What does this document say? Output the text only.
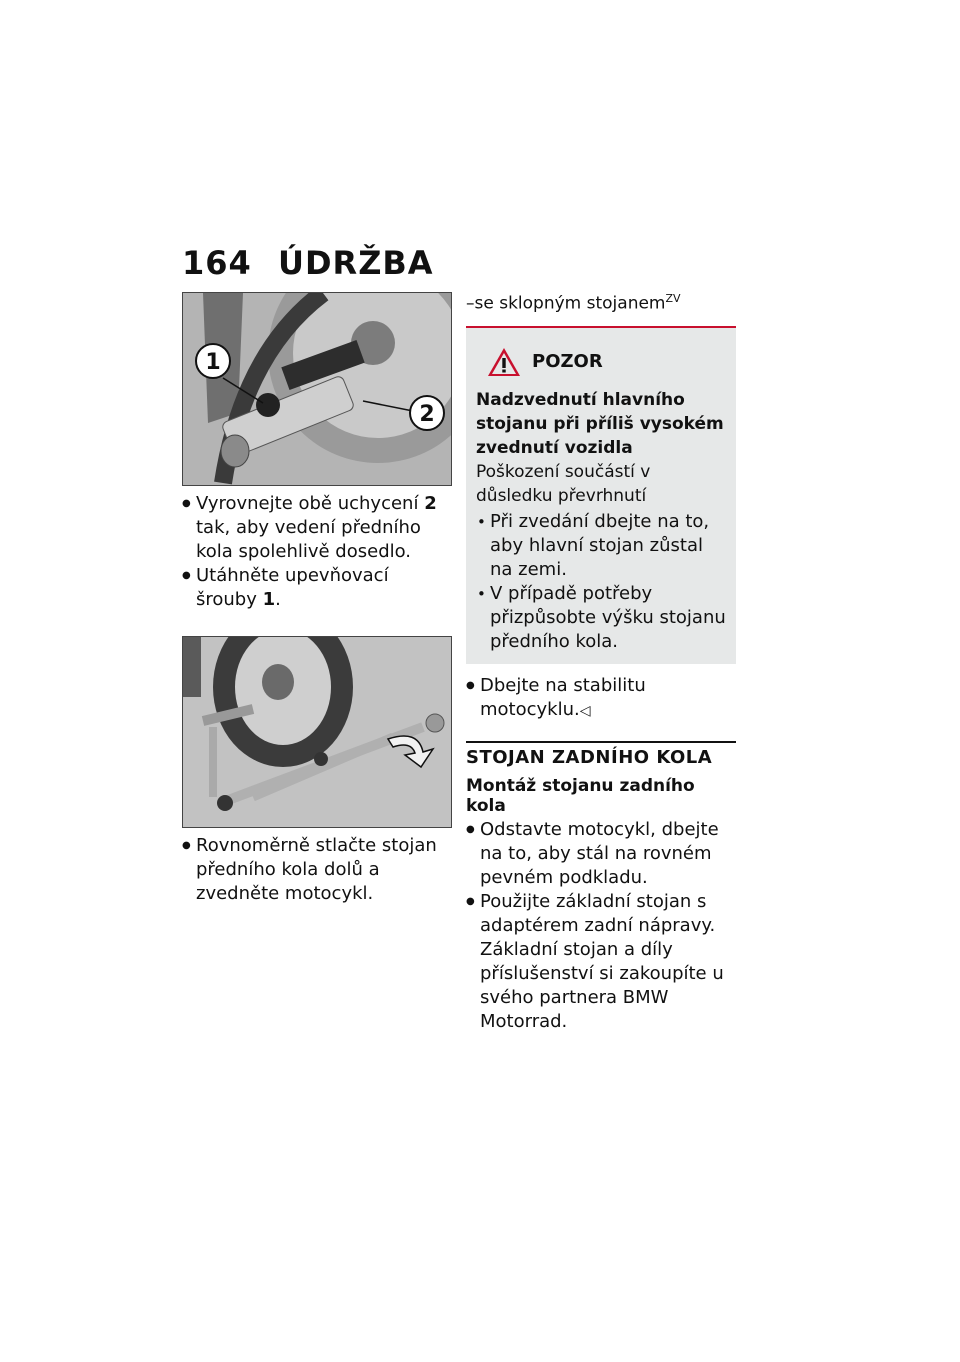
164 ÚDRŽBA
1
2
● Vyrovnejte obě uchycení 2 tak, aby vedení předního kola spolehlivě dosedlo.
● Utáhněte upevňovací šrouby 1.
● Rovnoměrně stlačte stojan předního kola dolů a zvedněte motocykl.
–se sklopným stojanem$^{ZV}$
POZOR
Nadzvednutí hlavního stojanu při příliš vysokém zvednutí vozidla
Poškození součástí v důsledku převrhnutí
• Při zvedání dbejte na to, aby hlavní stojan zůstal na zemi.
• V případě potřeby přizpůsobte výšku stojanu předního kola.
● Dbejte na stabilitu motocyklu.◁
STOJAN ZADNÍHO KOLA
Montáž stojanu zadního kola
● Odstavte motocykl, dbejte na to, aby stál na rovném pevném podkladu.
● Použijte základní stojan s adaptérem zadní nápravy. Základní stojan a díly příslušenství si zakoupíte u svého partnera BMW Motorrad.
